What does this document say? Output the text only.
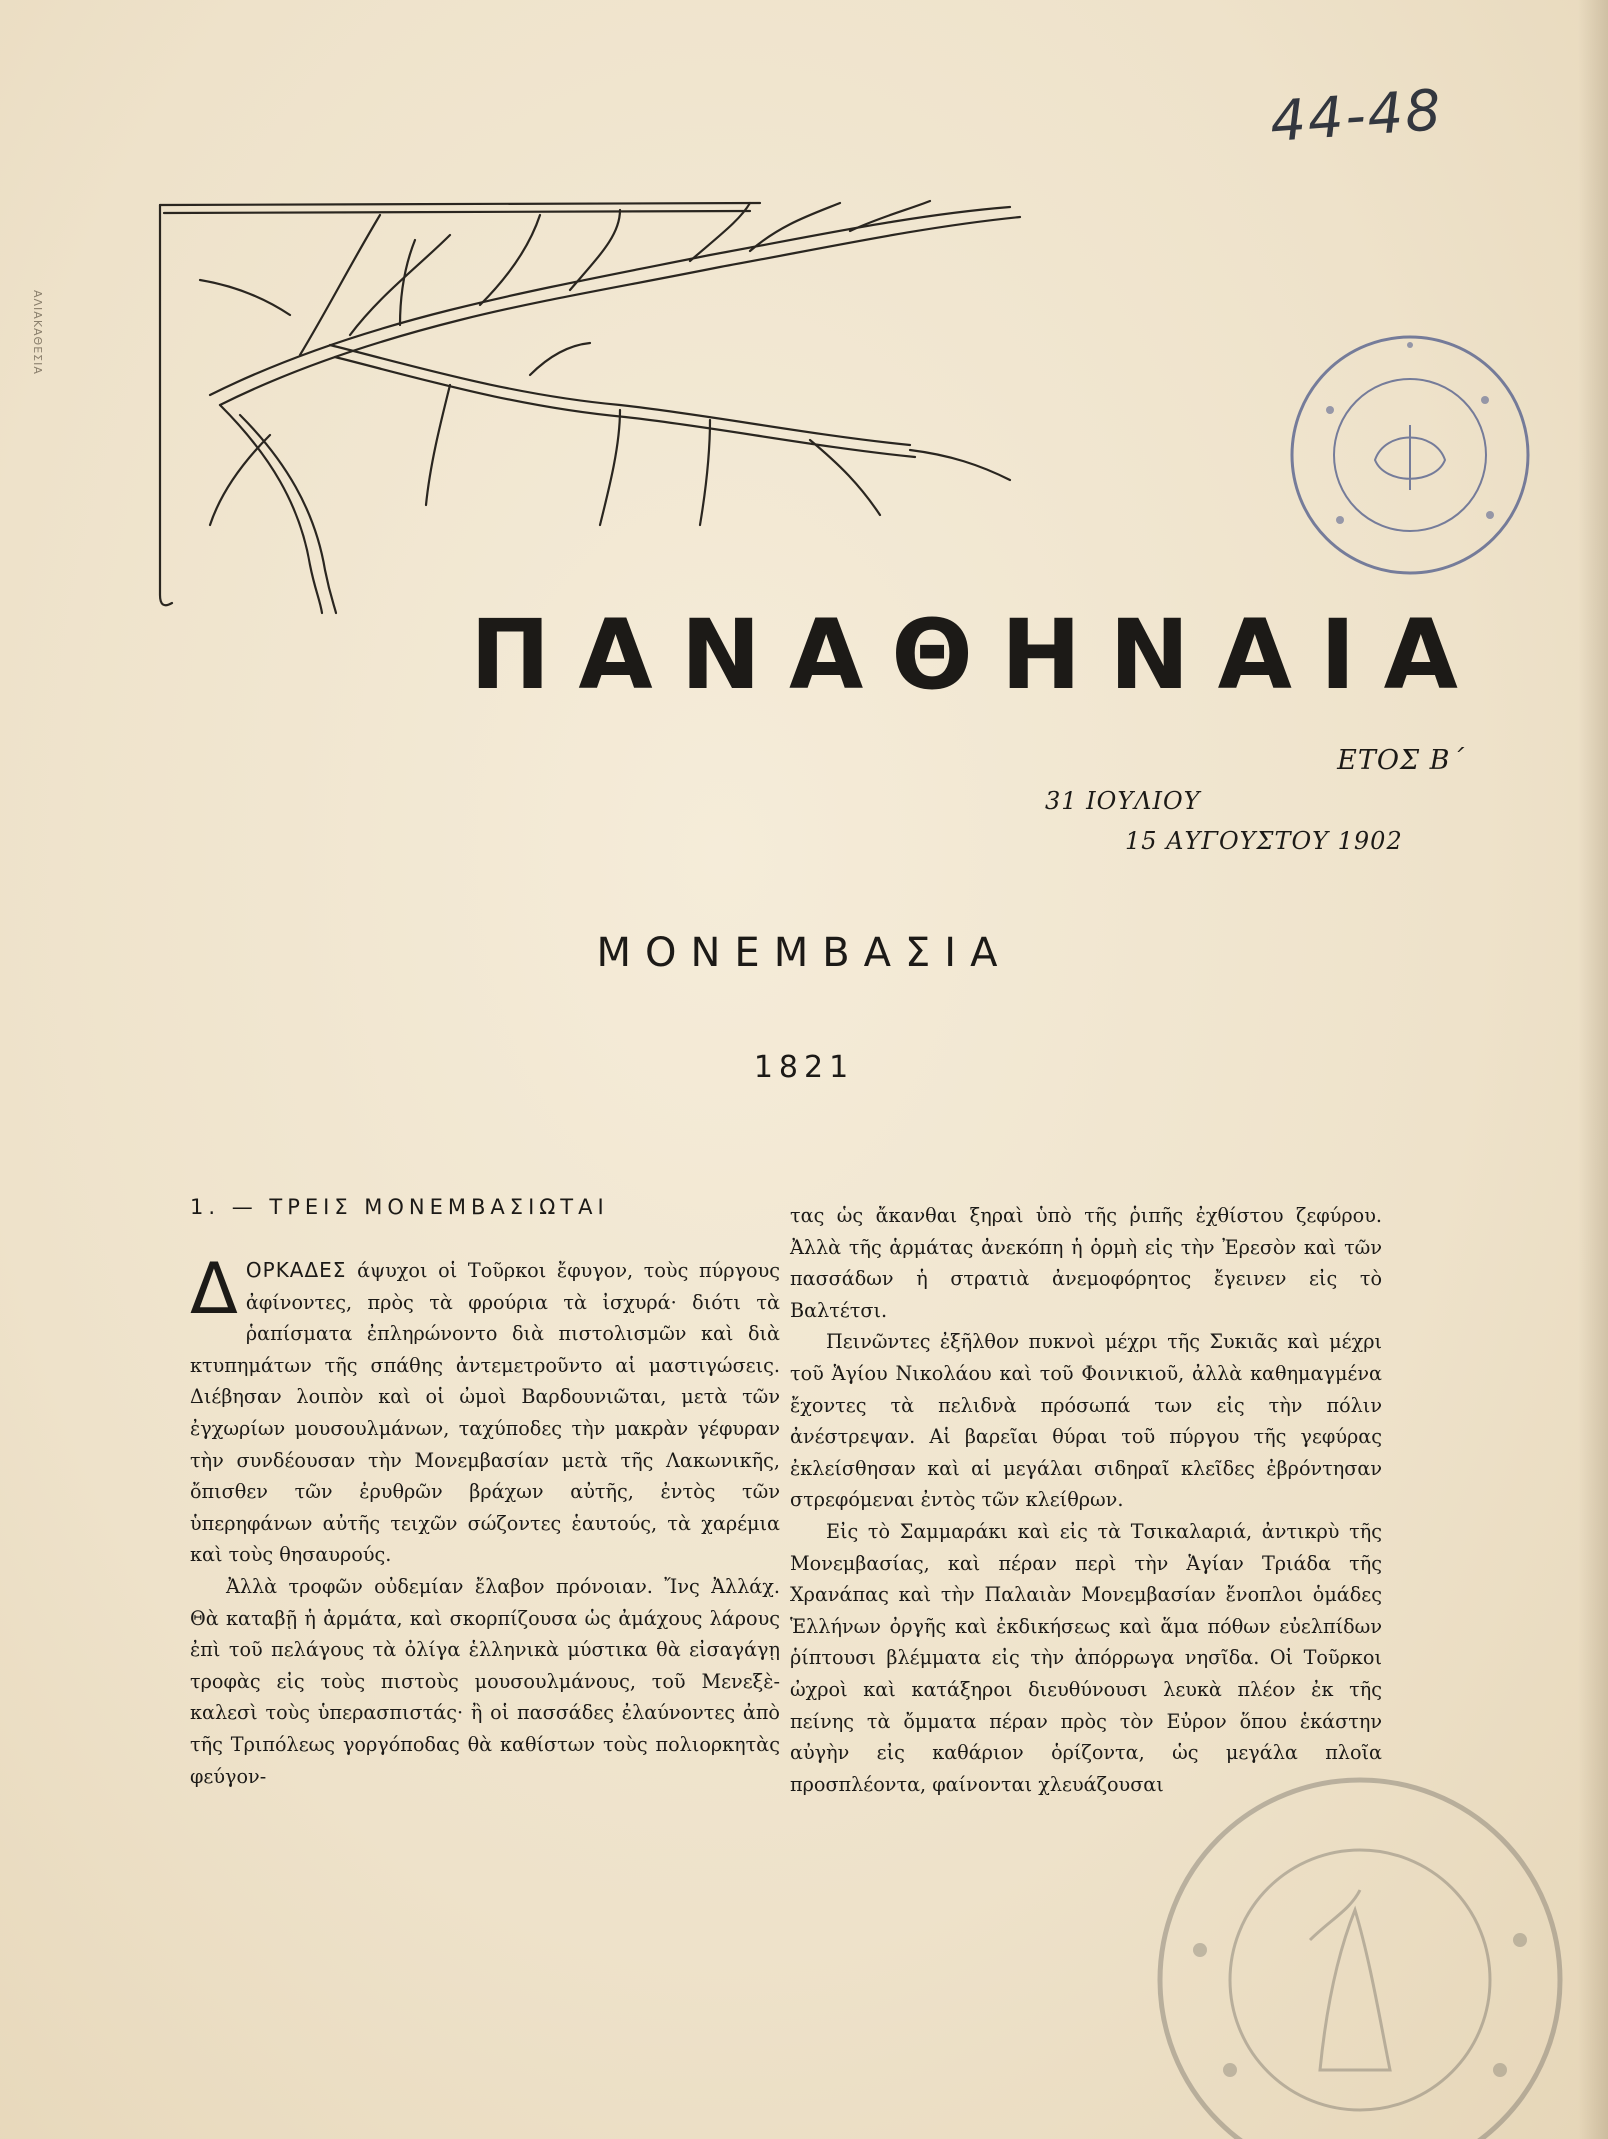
ΑΛΙΑΚΑΘΕΣΙΑ
44-48
ΠΑΝΑΘΗΝΑΙΑ
ΕΤΟΣ Β΄
31 ΙΟΥΛΙΟΥ
15 ΑΥΓΟΥΣΤΟΥ 1902
ΜΟΝΕΜΒΑΣΙΑ
1821
1. — ΤΡΕΙΣ ΜΟΝΕΜΒΑΣΙΩΤΑΙ

ΔΟΡΚΑΔΕΣ άψυχοι οἱ Τοῦρκοι ἔφυγον, τοὺς πύργους ἀφίνοντες, πρὸς τὰ φρούρια τὰ ἰσχυρά· διότι τὰ ῥαπίσματα ἐπληρώνοντο διὰ πιστολισμῶν καὶ διὰ κτυπημάτων τῆς σπάθης ἀντεμετροῦντο αἱ μαστιγώσεις. Διέβησαν λοιπὸν καὶ οἱ ὠμοὶ Βαρδουνιῶται, μετὰ τῶν ἐγχωρίων μουσουλμάνων, ταχύποδες τὴν μακρὰν γέφυραν τὴν συνδέουσαν τὴν Μονεμβασίαν μετὰ τῆς Λακωνικῆς, ὄπισθεν τῶν ἐρυθρῶν βράχων αὐτῆς, ἐντὸς τῶν ὑπερηφάνων αὐτῆς τειχῶν σώζοντες ἑαυτούς, τὰ χαρέμια καὶ τοὺς θησαυρούς.

Ἀλλὰ τροφῶν οὐδεμίαν ἔλαβον πρόνοιαν. Ἴνς Ἀλλάχ. Θὰ καταβῇ ἡ ἁρμάτα, καὶ σκορπίζουσα ὡς ἀμάχους λάρους ἐπὶ τοῦ πελάγους τὰ ὀλίγα ἑλληνικὰ μύστικα θὰ εἰσαγάγῃ τροφὰς εἰς τοὺς πιστοὺς μουσουλμάνους, τοῦ Μενεξὲ-καλεσὶ τοὺς ὑπερασπιστάς· ἢ οἱ πασσάδες ἐλαύνοντες ἀπὸ τῆς Τριπόλεως γοργόποδας θὰ καθίστων τοὺς πολιορκητὰς φεύγον-

τας ὡς ἄκανθαι ξηραὶ ὑπὸ τῆς ῥιπῆς ἐχθίστου ζεφύρου. Ἀλλὰ τῆς ἁρμάτας ἀνεκόπη ἡ ὁρμὴ εἰς τὴν Ἐρεσὸν καὶ τῶν πασσάδων ἡ στρατιὰ ἀνεμοφόρητος ἔγεινεν εἰς τὸ Βαλτέτσι.

Πεινῶντες ἐξῆλθον πυκνοὶ μέχρι τῆς Συκιᾶς καὶ μέχρι τοῦ Ἁγίου Νικολάου καὶ τοῦ Φοινικιοῦ, ἀλλὰ καθημαγμένα ἔχοντες τὰ πελιδνὰ πρόσωπά των εἰς τὴν πόλιν ἀνέστρεψαν. Αἱ βαρεῖαι θύραι τοῦ πύργου τῆς γεφύρας ἐκλείσθησαν καὶ αἱ μεγάλαι σιδηραῖ κλεῖδες ἐβρόντησαν στρεφόμεναι ἐντὸς τῶν κλείθρων.

Εἰς τὸ Σαμμαράκι καὶ εἰς τὰ Τσικαλαριά, ἀντικρὺ τῆς Μονεμβασίας, καὶ πέραν περὶ τὴν Ἁγίαν Τριάδα τῆς Χρανάπας καὶ τὴν Παλαιὰν Μονεμβασίαν ἔνοπλοι ὁμάδες Ἑλλήνων ὀργῆς καὶ ἐκδικήσεως καὶ ἅμα πόθων εὐελπίδων ῥίπτουσι βλέμματα εἰς τὴν ἀπόρρωγα νησῖδα. Οἱ Τοῦρκοι ὠχροὶ καὶ κατάξηροι διευθύνουσι λευκὰ πλέον ἐκ τῆς πείνης τὰ ὄμματα πέραν πρὸς τὸν Εὐρον ὅπου ἑκάστην αὐγὴν εἰς καθάριον ὁρίζοντα, ὡς μεγάλα πλοῖα προσπλέοντα, φαίνονται χλευάζουσαι
